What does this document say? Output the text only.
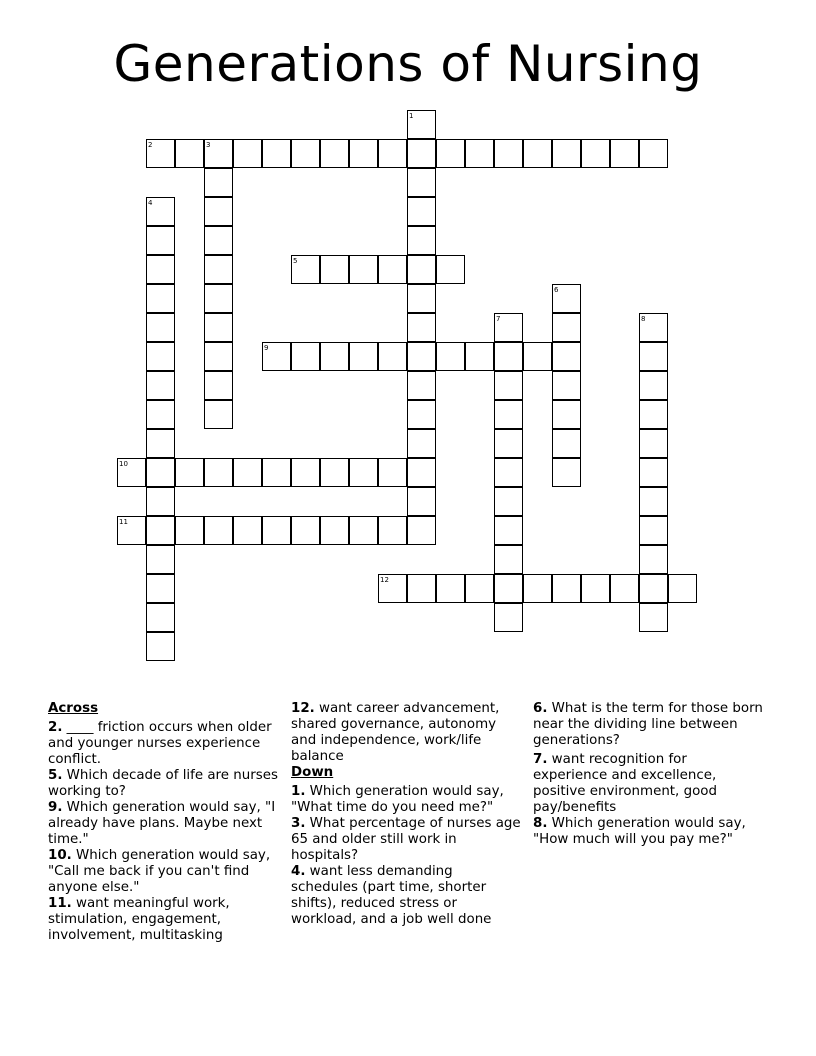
Generations of Nursing
1
2	3
4
5
6
7	8
9
10
11
12
Across

2. ____ friction occurs when older and younger nurses experience conflict.

5. Which decade of life are nurses working to?

9. Which generation would say, "I already have plans. Maybe next time."

10. Which generation would say, "Call me back if you can't find anyone else."

11. want meaningful work, stimulation, engagement, involvement, multitasking

12. want career advancement, shared governance, autonomy and independence, work/life balance

Down

1. Which generation would say, "What time do you need me?"

3. What percentage of nurses age 65 and older still work in hospitals?

4. want less demanding schedules (part time, shorter shifts), reduced stress or workload, and a job well done

6. What is the term for those born near the dividing line between generations?

7. want recognition for experience and excellence, positive environment, good pay/benefits

8. Which generation would say, "How much will you pay me?"
